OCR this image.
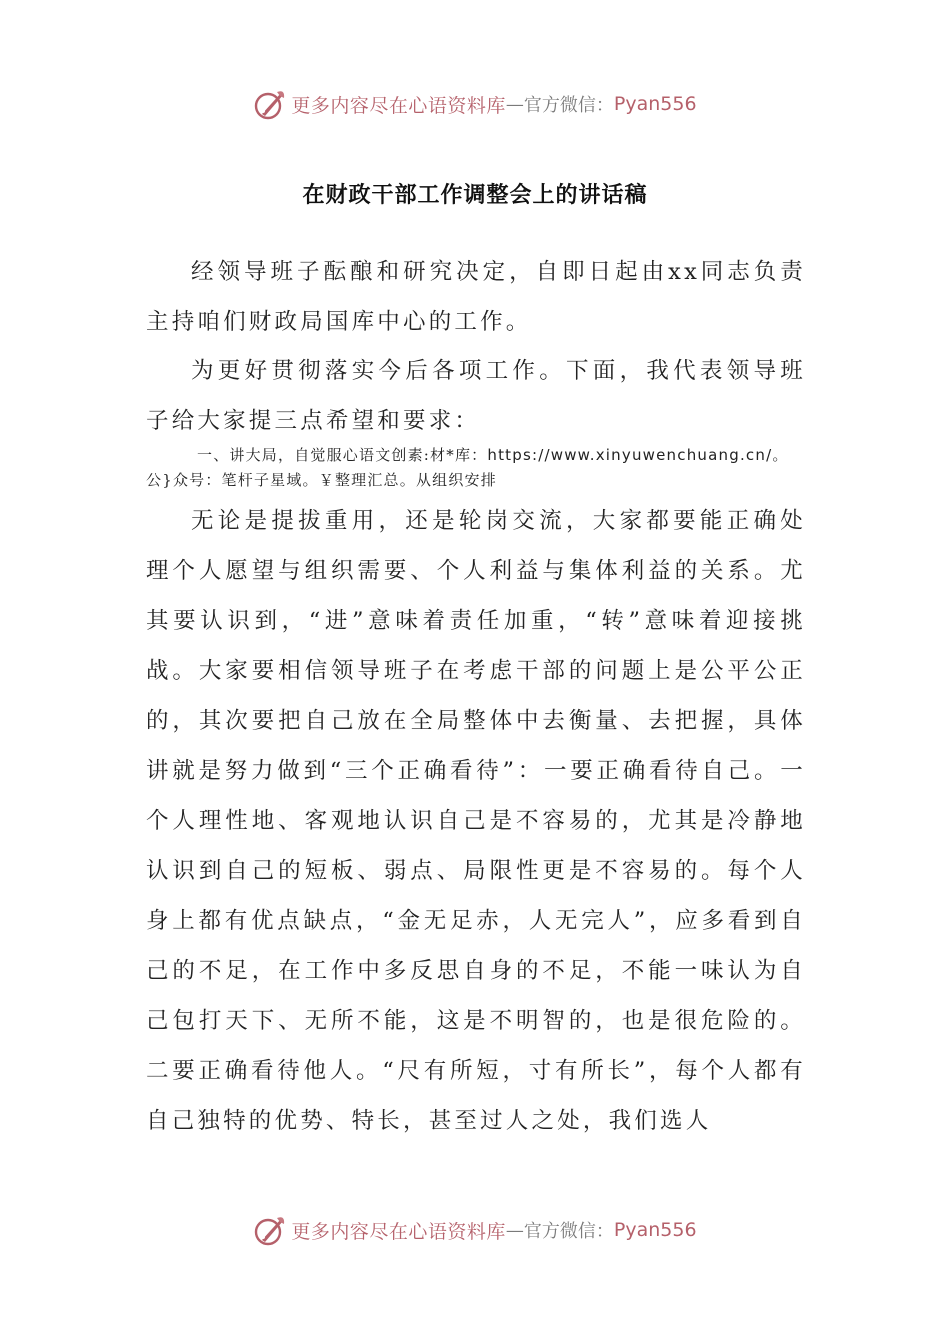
更多内容尽在心语资料库 — 官方微信： Pyan556
在财政干部工作调整会上的讲话稿

经领导班子酝酿和研究决定，自即日起由xx同志负责主持咱们财政局国库中心的工作。

为更好贯彻落实今后各项工作。下面，我代表领导班子给大家提三点希望和要求：

一、讲大局，自觉服心语文创素:材*库：https://www.xinyuwenchuang.cn/。公}众号：笔杆子星域。￥整理汇总。从组织安排

无论是提拔重用，还是轮岗交流，大家都要能正确处理个人愿望与组织需要、个人利益与集体利益的关系。尤其要认识到，“进”意味着责任加重，“转”意味着迎接挑战。大家要相信领导班子在考虑干部的问题上是公平公正的，其次要把自己放在全局整体中去衡量、去把握，具体讲就是努力做到“三个正确看待”：一要正确看待自己。一个人理性地、客观地认识自己是不容易的，尤其是冷静地认识到自己的短板、弱点、局限性更是不容易的。每个人身上都有优点缺点，“金无足赤，人无完人”，应多看到自己的不足，在工作中多反思自身的不足，不能一味认为自己包打天下、无所不能，这是不明智的，也是很危险的。二要正确看待他人。“尺有所短，寸有所长”，每个人都有自己独特的优势、特长，甚至过人之处，我们选人

更多内容尽在心语资料库 — 官方微信： Pyan556
